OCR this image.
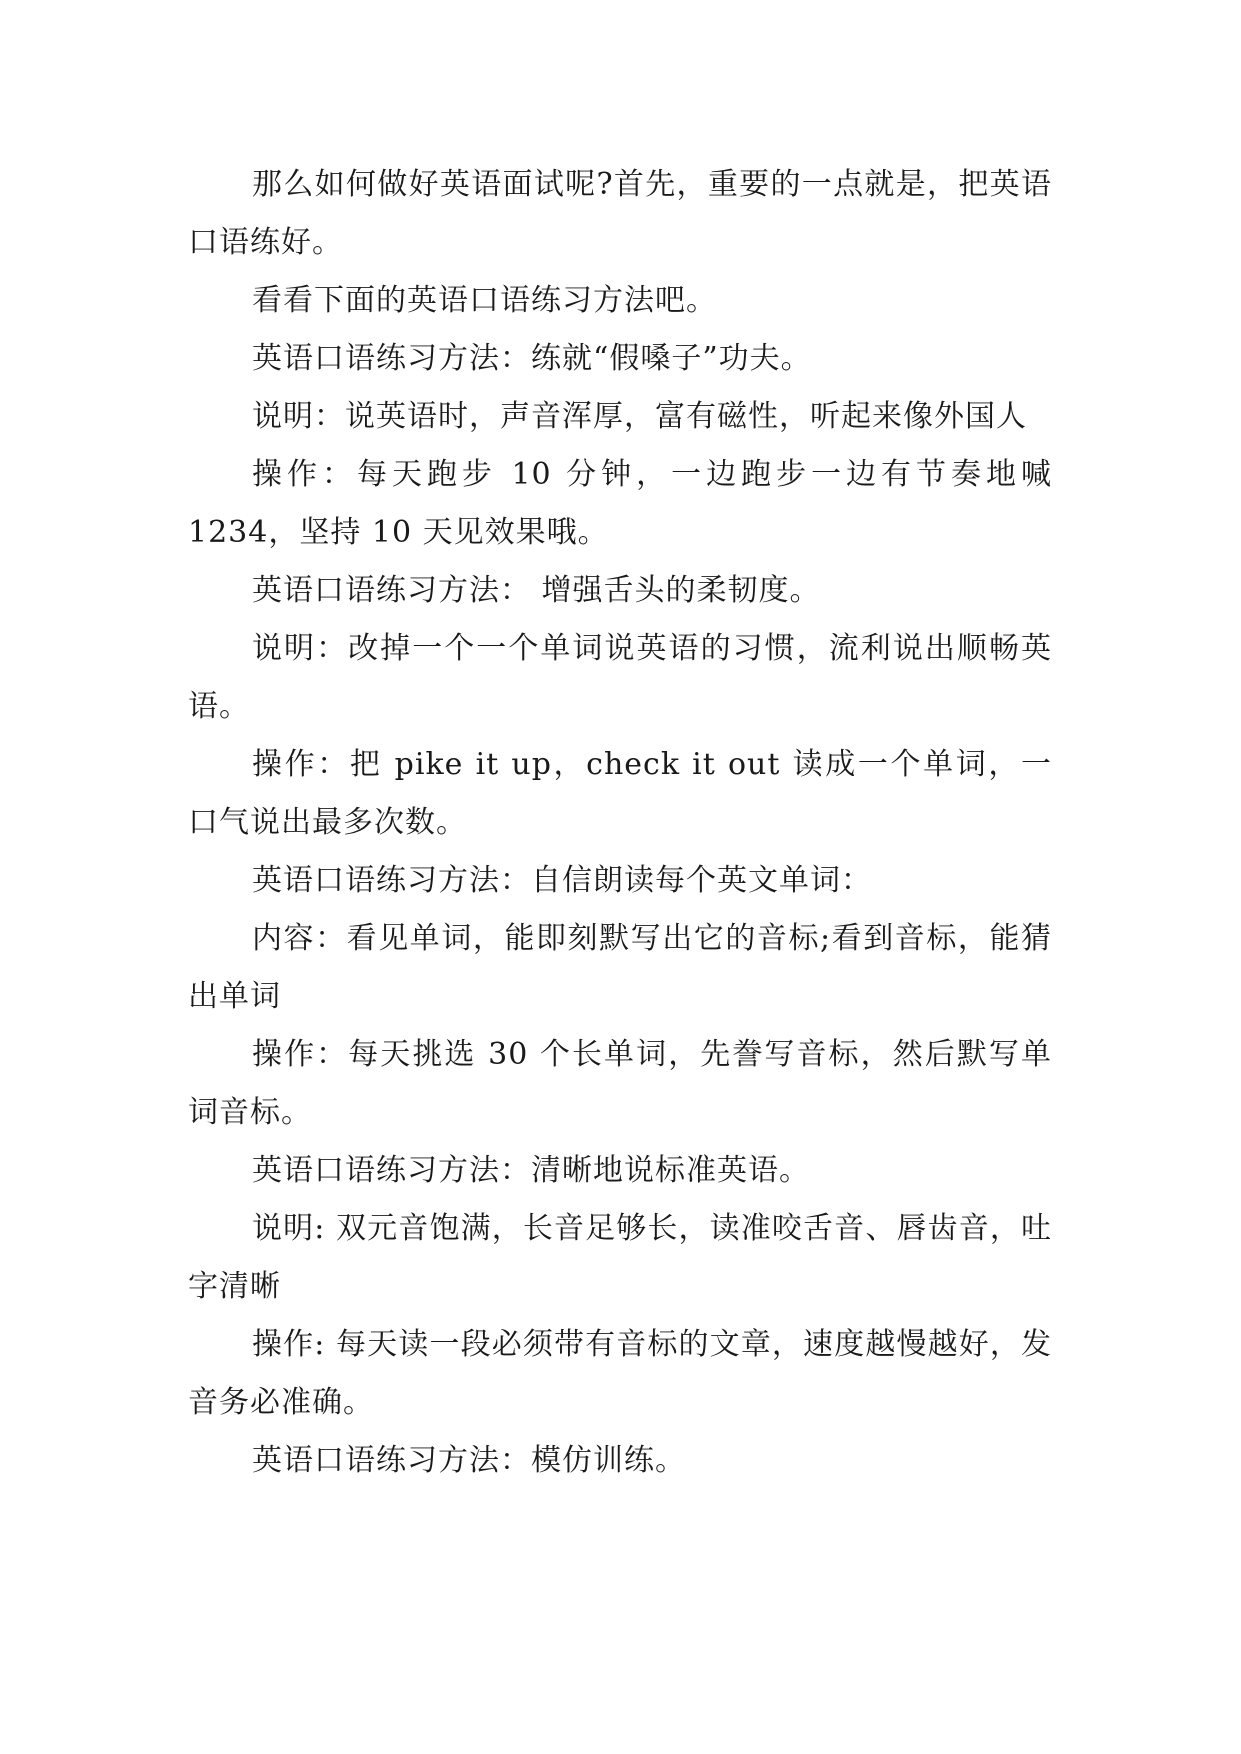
那么如何做好英语面试呢?首先，重要的一点就是，把英语口语练好。

看看下面的英语口语练习方法吧。

英语口语练习方法：练就“假嗓子”功夫。

说明：说英语时，声音浑厚，富有磁性，听起来像外国人

操作：每天跑步 10 分钟，一边跑步一边有节奏地喊 1234，坚持 10 天见效果哦。

英语口语练习方法： 增强舌头的柔韧度。

说明：改掉一个一个单词说英语的习惯，流利说出顺畅英语。

操作：把 pike it up，check it out 读成一个单词，一口气说出最多次数。

英语口语练习方法：自信朗读每个英文单词：

内容：看见单词，能即刻默写出它的音标;看到音标，能猜出单词

操作：每天挑选 30 个长单词，先誊写音标，然后默写单词音标。

英语口语练习方法：清晰地说标准英语。

说明: 双元音饱满，长音足够长，读准咬舌音、唇齿音，吐字清晰

操作: 每天读一段必须带有音标的文章，速度越慢越好，发音务必准确。

英语口语练习方法：模仿训练。
